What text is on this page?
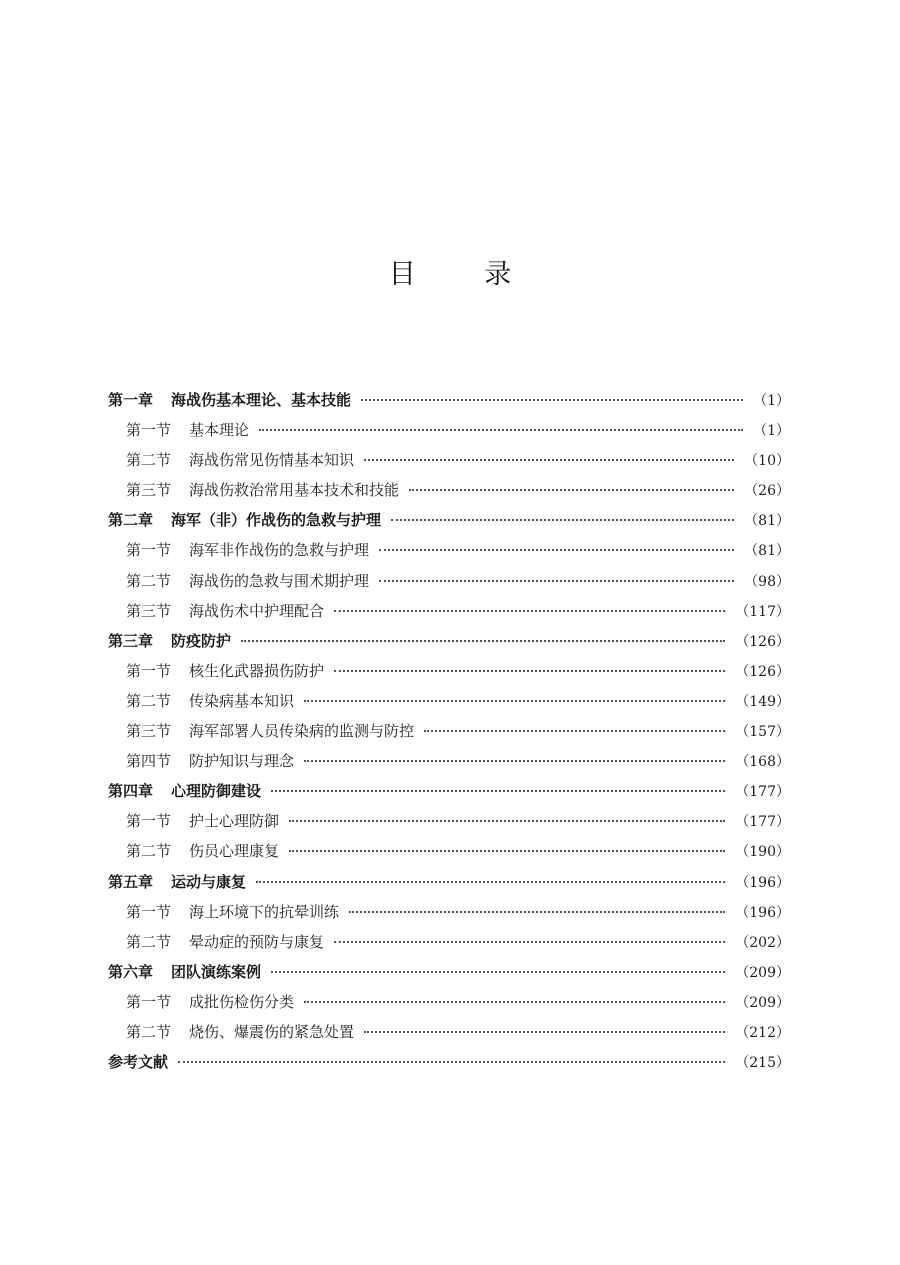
目 录
第一章 海战伤基本理论、基本技能	（1）
第一节 基本理论	（1）
第二节 海战伤常见伤情基本知识	（10）
第三节 海战伤救治常用基本技术和技能	（26）
第二章 海军（非）作战伤的急救与护理	（81）
第一节 海军非作战伤的急救与护理	（81）
第二节 海战伤的急救与围术期护理	（98）
第三节 海战伤术中护理配合	（117）
第三章 防疫防护	（126）
第一节 核生化武器损伤防护	（126）
第二节 传染病基本知识	（149）
第三节 海军部署人员传染病的监测与防控	（157）
第四节 防护知识与理念	（168）
第四章 心理防御建设	（177）
第一节 护士心理防御	（177）
第二节 伤员心理康复	（190）
第五章 运动与康复	（196）
第一节 海上环境下的抗晕训练	（196）
第二节 晕动症的预防与康复	（202）
第六章 团队演练案例	（209）
第一节 成批伤检伤分类	（209）
第二节 烧伤、爆震伤的紧急处置	（212）
参考文献	（215）
